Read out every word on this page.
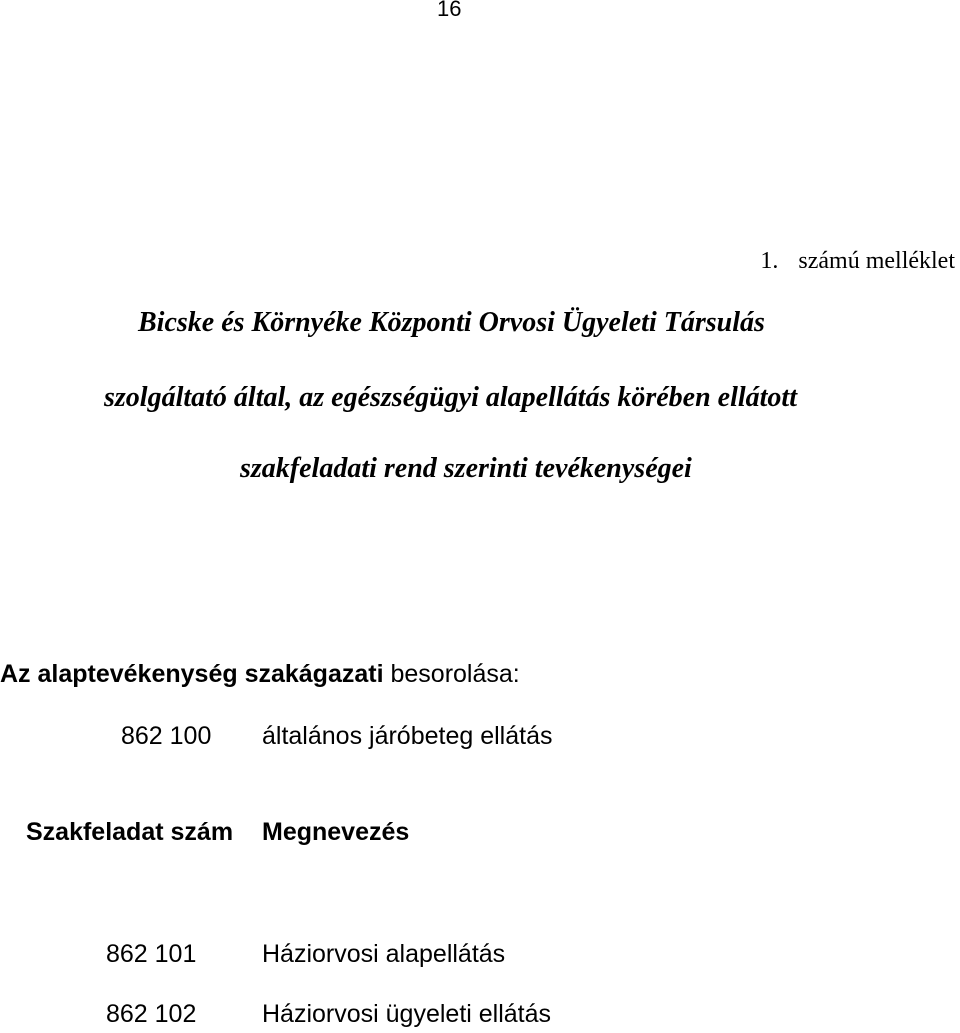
16
1. számú melléklet
Bicske és Környéke Központi Orvosi Ügyeleti Társulás
szolgáltató által, az egészségügyi alapellátás körében ellátott
szakfeladati rend szerinti tevékenységei
Az alaptevékenység szakágazati besorolása:
862 100 általános járóbeteg ellátás
Szakfeladat szám Megnevezés
862 101	Háziorvosi alapellátás
862 102	Háziorvosi ügyeleti ellátás
